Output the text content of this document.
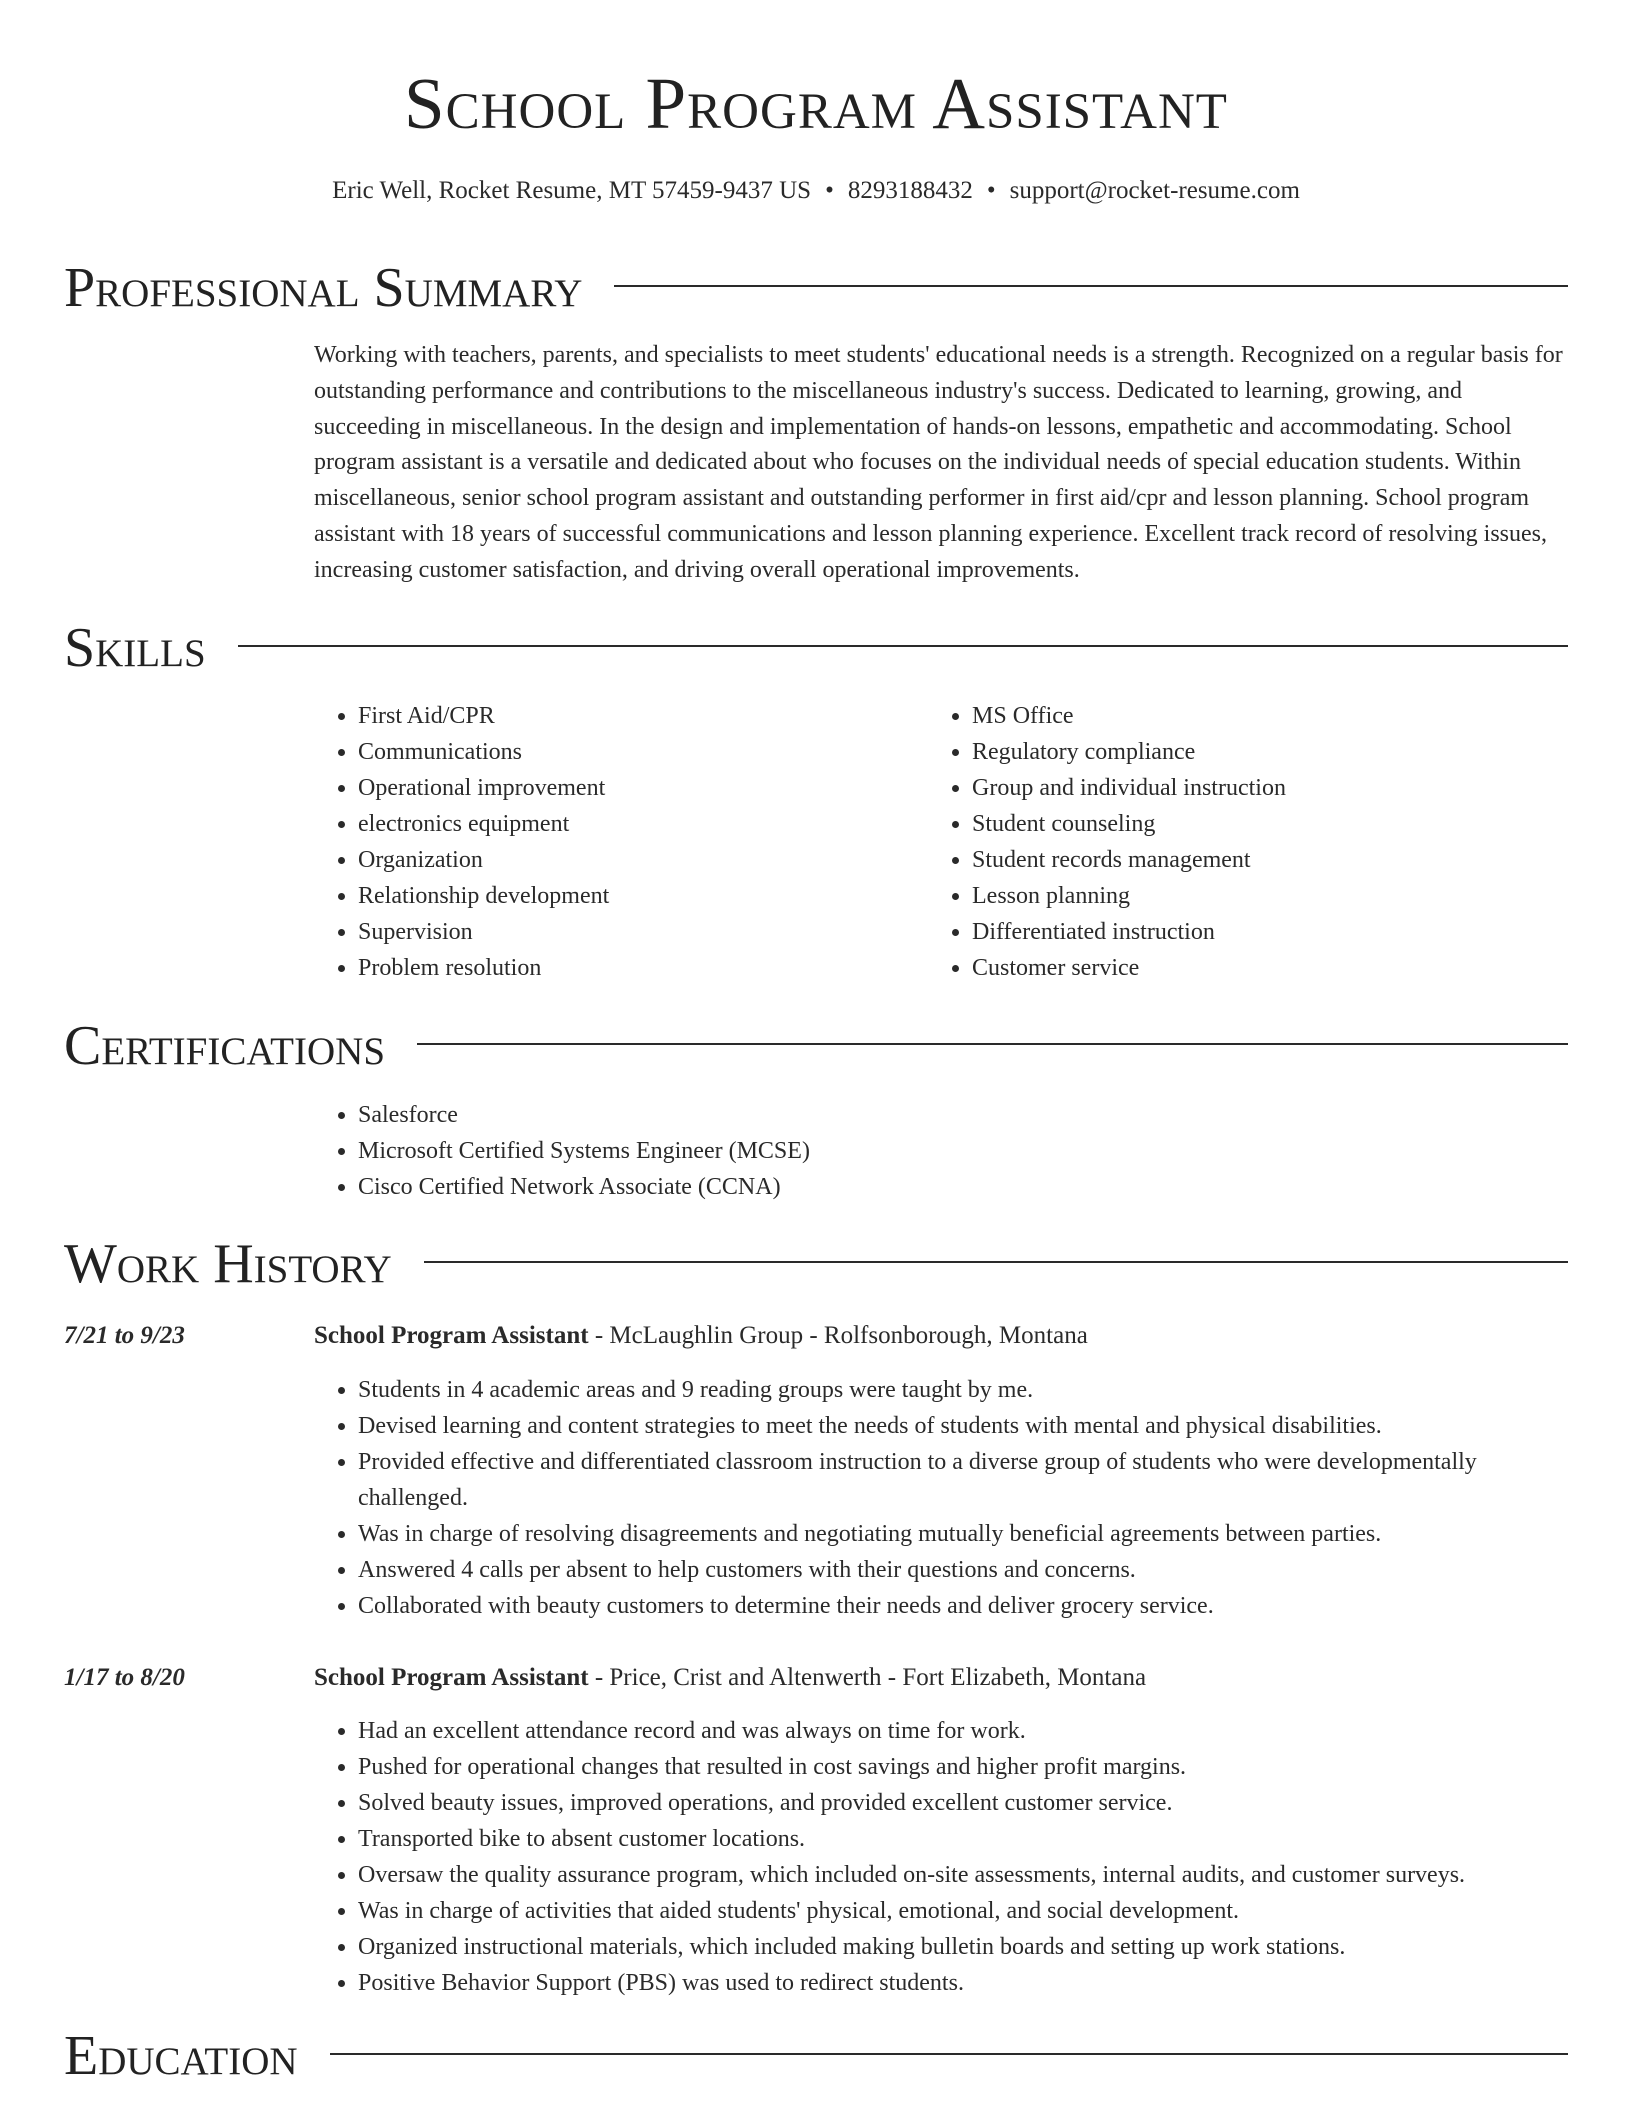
School Program Assistant
Eric Well, Rocket Resume, MT 57459-9437 US • 8293188432 • support@rocket-resume.com
Professional Summary

Working with teachers, parents, and specialists to meet students' educational needs is a strength. Recognized on a regular basis for outstanding performance and contributions to the miscellaneous industry's success. Dedicated to learning, growing, and succeeding in miscellaneous. In the design and implementation of hands-on lessons, empathetic and accommodating. School program assistant is a versatile and dedicated about who focuses on the individual needs of special education students. Within miscellaneous, senior school program assistant and outstanding performer in first aid/cpr and lesson planning. School program assistant with 18 years of successful communications and lesson planning experience. Excellent track record of resolving issues, increasing customer satisfaction, and driving overall operational improvements.

Skills
• First Aid/CPR
• Communications
• Operational improvement
• electronics equipment
• Organization
• Relationship development
• Supervision
• Problem resolution
• MS Office
• Regulatory compliance
• Group and individual instruction
• Student counseling
• Student records management
• Lesson planning
• Differentiated instruction
• Customer service
Certifications
• Salesforce
• Microsoft Certified Systems Engineer (MCSE)
• Cisco Certified Network Associate (CCNA)
Work History
7/21 to 9/23	School Program Assistant - McLaughlin Group - Rolfsonborough, Montana
• Students in 4 academic areas and 9 reading groups were taught by me.
• Devised learning and content strategies to meet the needs of students with mental and physical disabilities.
• Provided effective and differentiated classroom instruction to a diverse group of students who were developmentally challenged.
• Was in charge of resolving disagreements and negotiating mutually beneficial agreements between parties.
• Answered 4 calls per absent to help customers with their questions and concerns.
• Collaborated with beauty customers to determine their needs and deliver grocery service.
1/17 to 8/20	School Program Assistant - Price, Crist and Altenwerth - Fort Elizabeth, Montana
• Had an excellent attendance record and was always on time for work.
• Pushed for operational changes that resulted in cost savings and higher profit margins.
• Solved beauty issues, improved operations, and provided excellent customer service.
• Transported bike to absent customer locations.
• Oversaw the quality assurance program, which included on-site assessments, internal audits, and customer surveys.
• Was in charge of activities that aided students' physical, emotional, and social development.
• Organized instructional materials, which included making bulletin boards and setting up work stations.
• Positive Behavior Support (PBS) was used to redirect students.
Education
